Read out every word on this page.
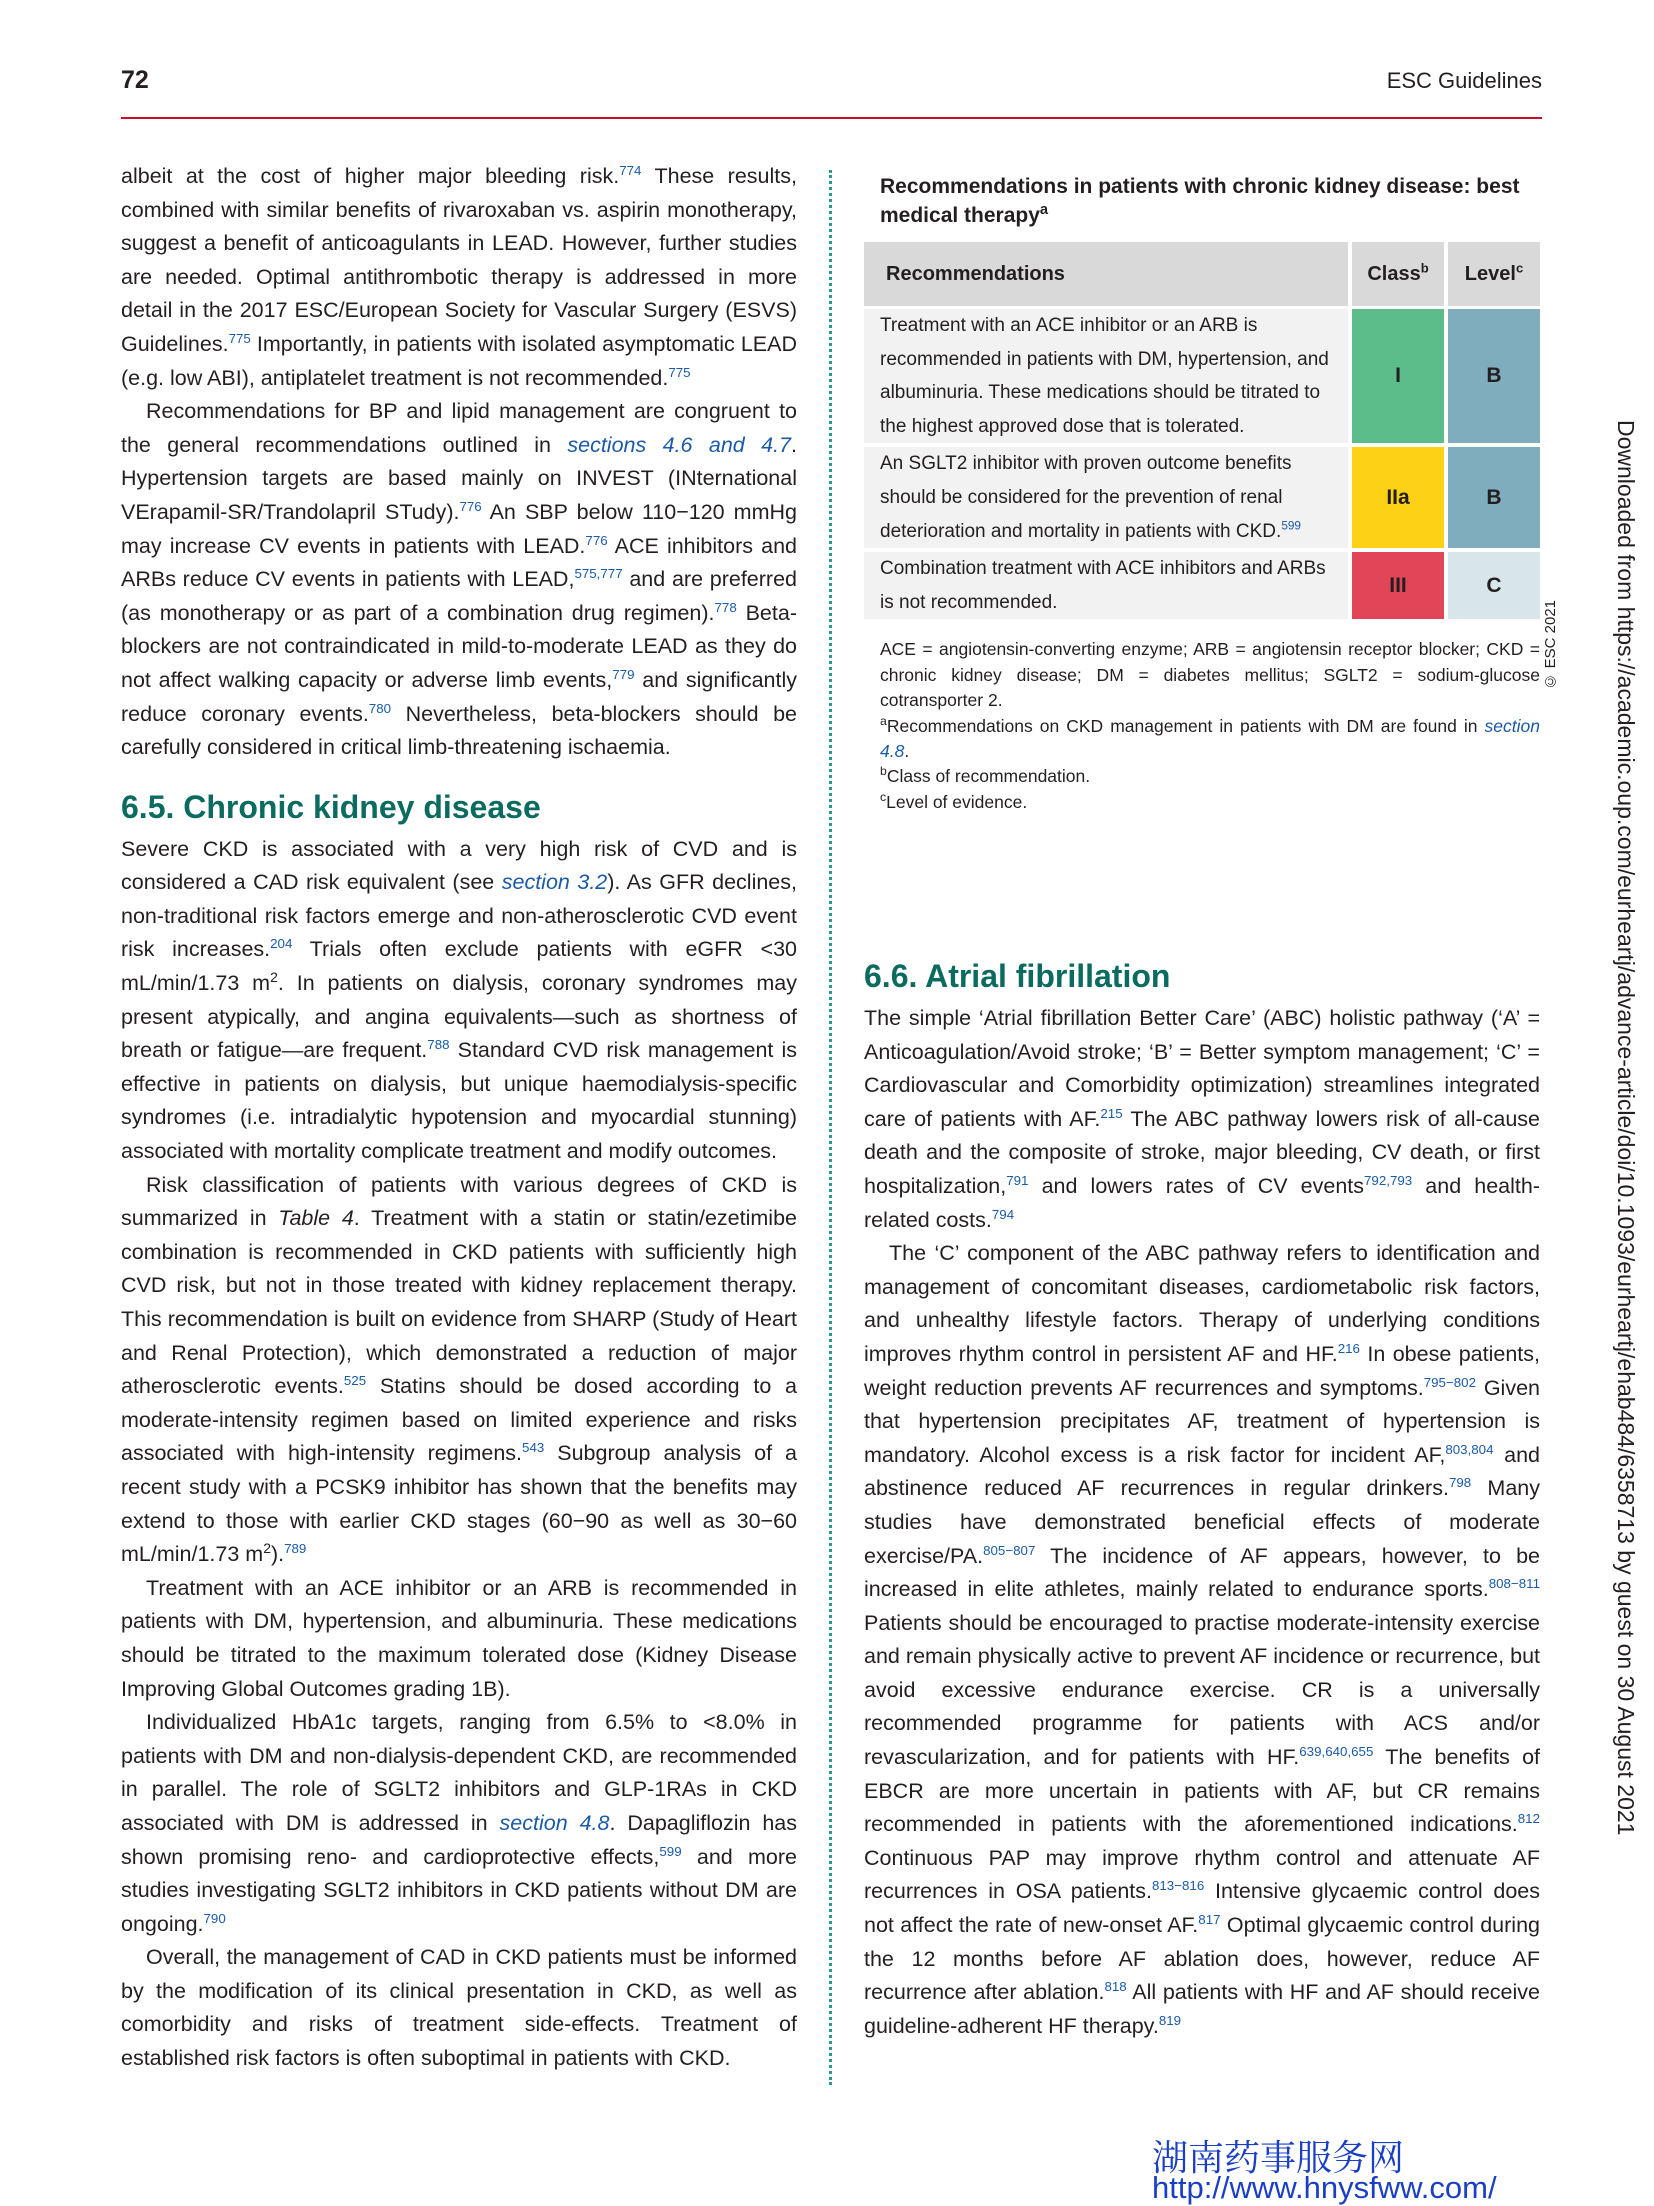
72	ESC Guidelines

albeit at the cost of higher major bleeding risk.$^{774}$ These results, combined with similar benefits of rivaroxaban vs. aspirin monotherapy, suggest a benefit of anticoagulants in LEAD. However, further studies are needed. Optimal antithrombotic therapy is addressed in more detail in the 2017 ESC/European Society for Vascular Surgery (ESVS) Guidelines.$^{775}$ Importantly, in patients with isolated asymptomatic LEAD (e.g. low ABI), antiplatelet treatment is not recommended.$^{775}$

Recommendations for BP and lipid management are congruent to the general recommendations outlined in sections 4.6 and 4.7. Hypertension targets are based mainly on INVEST (INternational VErapamil-SR/Trandolapril STudy).$^{776}$ An SBP below 110−120 mmHg may increase CV events in patients with LEAD.$^{776}$ ACE inhibitors and ARBs reduce CV events in patients with LEAD,$^{575,777}$ and are preferred (as monotherapy or as part of a combination drug regimen).$^{778}$ Beta-blockers are not contraindicated in mild-to-moderate LEAD as they do not affect walking capacity or adverse limb events,$^{779}$ and significantly reduce coronary events.$^{780}$ Nevertheless, beta-blockers should be carefully considered in critical limb-threatening ischaemia.

6.5. Chronic kidney disease

Severe CKD is associated with a very high risk of CVD and is considered a CAD risk equivalent (see section 3.2). As GFR declines, non-traditional risk factors emerge and non-atherosclerotic CVD event risk increases.$^{204}$ Trials often exclude patients with eGFR <30 mL/min/1.73 $m^2$. In patients on dialysis, coronary syndromes may present atypically, and angina equivalents—such as shortness of breath or fatigue—are frequent.$^{788}$ Standard CVD risk management is effective in patients on dialysis, but unique haemodialysis-specific syndromes (i.e. intradialytic hypotension and myocardial stunning) associated with mortality complicate treatment and modify outcomes.

Risk classification of patients with various degrees of CKD is summarized in Table 4. Treatment with a statin or statin/ezetimibe combination is recommended in CKD patients with sufficiently high CVD risk, but not in those treated with kidney replacement therapy. This recommendation is built on evidence from SHARP (Study of Heart and Renal Protection), which demonstrated a reduction of major atherosclerotic events.$^{525}$ Statins should be dosed according to a moderate-intensity regimen based on limited experience and risks associated with high-intensity regimens.$^{543}$ Subgroup analysis of a recent study with a PCSK9 inhibitor has shown that the benefits may extend to those with earlier CKD stages (60−90 as well as 30−60 mL/min/1.73 $m^2).^{789}$

Treatment with an ACE inhibitor or an ARB is recommended in patients with DM, hypertension, and albuminuria. These medications should be titrated to the maximum tolerated dose (Kidney Disease Improving Global Outcomes grading 1B).

Individualized HbA1c targets, ranging from 6.5% to <8.0% in patients with DM and non-dialysis-dependent CKD, are recommended in parallel. The role of SGLT2 inhibitors and GLP-1RAs in CKD associated with DM is addressed in section 4.8. Dapagliflozin has shown promising reno- and cardioprotective effects,$^{599}$ and more studies investigating SGLT2 inhibitors in CKD patients without DM are ongoing.$^{790}$

Overall, the management of CAD in CKD patients must be informed by the modification of its clinical presentation in CKD, as well as comorbidity and risks of treatment side-effects. Treatment of established risk factors is often suboptimal in patients with CKD.

Recommendations in patients with chronic kidney disease: best medical therapy$^a$
Recommendations	Class$^b$	Level$^c$
Treatment with an ACE inhibitor or an ARB is recommended in patients with DM, hypertension, and albuminuria. These medications should be titrated to the highest approved dose that is tolerated.	I	B
An SGLT2 inhibitor with proven outcome benefits should be considered for the prevention of renal deterioration and mortality in patients with CKD.$^{599}$	IIa	B
Combination treatment with ACE inhibitors and ARBs is not recommended.	III	C

ACE = angiotensin-converting enzyme; ARB = angiotensin receptor blocker; CKD = chronic kidney disease; DM = diabetes mellitus; SGLT2 = sodium-glucose cotransporter 2.

$^a$Recommendations on CKD management in patients with DM are found in section 4.8.

$^b$Class of recommendation.

$^c$Level of evidence.

© ESC 2021
6.6. Atrial fibrillation

The simple ‘Atrial fibrillation Better Care’ (ABC) holistic pathway (‘A’ = Anticoagulation/Avoid stroke; ‘B’ = Better symptom management; ‘C’ = Cardiovascular and Comorbidity optimization) streamlines integrated care of patients with AF.$^{215}$ The ABC pathway lowers risk of all-cause death and the composite of stroke, major bleeding, CV death, or first hospitalization,$^{791}$ and lowers rates of CV events$^{792,793}$ and health-related costs.$^{794}$

The ‘C’ component of the ABC pathway refers to identification and management of concomitant diseases, cardiometabolic risk factors, and unhealthy lifestyle factors. Therapy of underlying conditions improves rhythm control in persistent AF and HF.$^{216}$ In obese patients, weight reduction prevents AF recurrences and symptoms.$^{795-802}$ Given that hypertension precipitates AF, treatment of hypertension is mandatory. Alcohol excess is a risk factor for incident AF,$^{803,804}$ and abstinence reduced AF recurrences in regular drinkers.$^{798}$ Many studies have demonstrated beneficial effects of moderate exercise/PA.$^{805-807}$ The incidence of AF appears, however, to be increased in elite athletes, mainly related to endurance sports.$^{808-811}$ Patients should be encouraged to practise moderate-intensity exercise and remain physically active to prevent AF incidence or recurrence, but avoid excessive endurance exercise. CR is a universally recommended programme for patients with ACS and/or revascularization, and for patients with HF.$^{639,640,655}$ The benefits of EBCR are more uncertain in patients with AF, but CR remains recommended in patients with the aforementioned indications.$^{812}$ Continuous PAP may improve rhythm control and attenuate AF recurrences in OSA patients.$^{813-816}$ Intensive glycaemic control does not affect the rate of new-onset AF.$^{817}$ Optimal glycaemic control during the 12 months before AF ablation does, however, reduce AF recurrence after ablation.$^{818}$ All patients with HF and AF should receive guideline-adherent HF therapy.$^{819}$

Downloaded from https://academic.oup.com/eurheartj/advance-article/doi/10.1093/eurheartj/ehab484/6358713 by guest on 30 August 2021
湖南药事服务网
http://www.hnysfww.com/
